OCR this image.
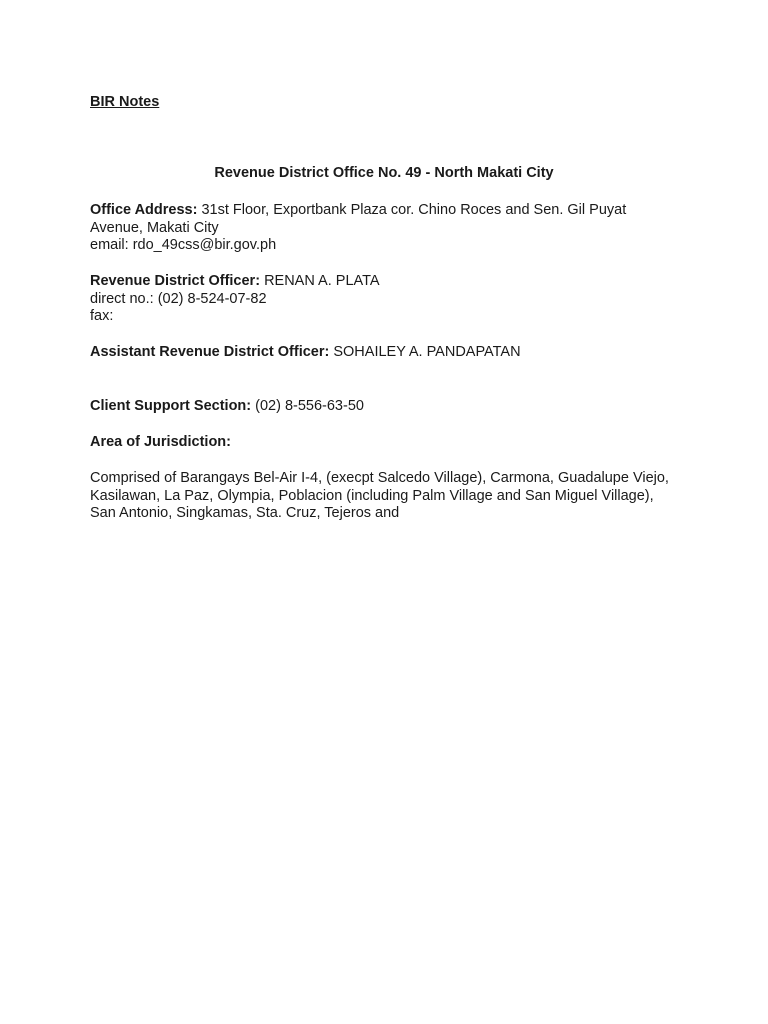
BIR Notes
Revenue District Office No. 49 - North Makati City
Office Address: 31st Floor, Exportbank Plaza cor. Chino Roces and Sen. Gil Puyat Avenue, Makati City
email: rdo_49css@bir.gov.ph
Revenue District Officer: RENAN A. PLATA
direct no.: (02) 8-524-07-82
fax:
Assistant Revenue District Officer: SOHAILEY A. PANDAPATAN
Client Support Section: (02) 8-556-63-50
Area of Jurisdiction:
Comprised of Barangays Bel-Air I-4, (execpt Salcedo Village), Carmona, Guadalupe Viejo, Kasilawan, La Paz, Olympia, Poblacion (including Palm Village and San Miguel Village), San Antonio, Singkamas, Sta. Cruz, Tejeros and
